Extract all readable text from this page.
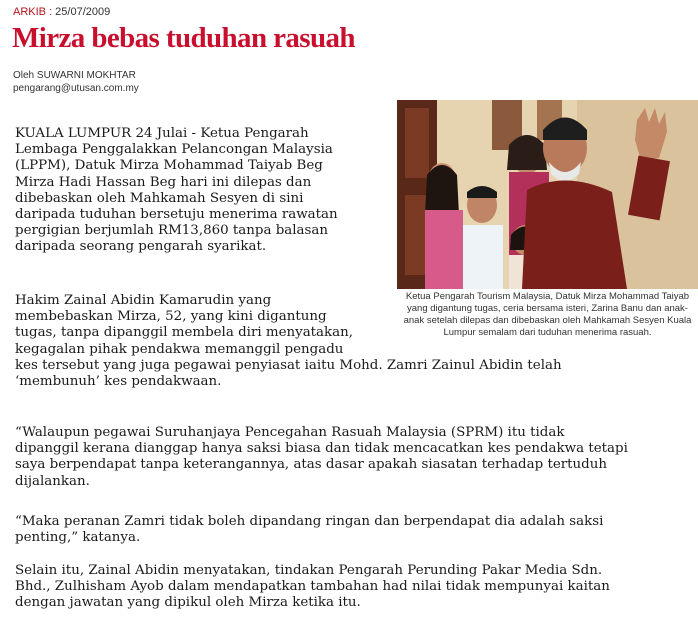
ARKIB : 25/07/2009
Mirza bebas tuduhan rasuah
Oleh SUWARNI MOKHTAR
pengarang@utusan.com.my
Ketua Pengarah Tourism Malaysia, Datuk Mirza Mohammad Taiyab yang digantung tugas, ceria bersama isteri, Zarina Banu dan anak-anak setelah dilepas dan dibebaskan oleh Mahkamah Sesyen Kuala Lumpur semalam dari tuduhan menerima rasuah.

KUALA LUMPUR 24 Julai - Ketua Pengarah
Lembaga Penggalakkan Pelancongan Malaysia
(LPPM), Datuk Mirza Mohammad Taiyab Beg
Mirza Hadi Hassan Beg hari ini dilepas dan
dibebaskan oleh Mahkamah Sesyen di sini
daripada tuduhan bersetuju menerima rawatan
pergigian berjumlah RM13,860 tanpa balasan
daripada seorang pengarah syarikat.

Hakim Zainal Abidin Kamarudin yang
membebaskan Mirza, 52, yang kini digantung
tugas, tanpa dipanggil membela diri menyatakan,
kegagalan pihak pendakwa memanggil pengadu
kes tersebut yang juga pegawai penyiasat iaitu Mohd. Zamri Zainul Abidin telah
‘membunuh’ kes pendakwaan.

“Walaupun pegawai Suruhanjaya Pencegahan Rasuah Malaysia (SPRM) itu tidak
dipanggil kerana dianggap hanya saksi biasa dan tidak mencacatkan kes pendakwa tetapi
saya berpendapat tanpa keterangannya, atas dasar apakah siasatan terhadap tertuduh
dijalankan.

“Maka peranan Zamri tidak boleh dipandang ringan dan berpendapat dia adalah saksi
penting,” katanya.

Selain itu, Zainal Abidin menyatakan, tindakan Pengarah Perunding Pakar Media Sdn.
Bhd., Zulhisham Ayob dalam mendapatkan tambahan had nilai tidak mempunyai kaitan
dengan jawatan yang dipikul oleh Mirza ketika itu.
